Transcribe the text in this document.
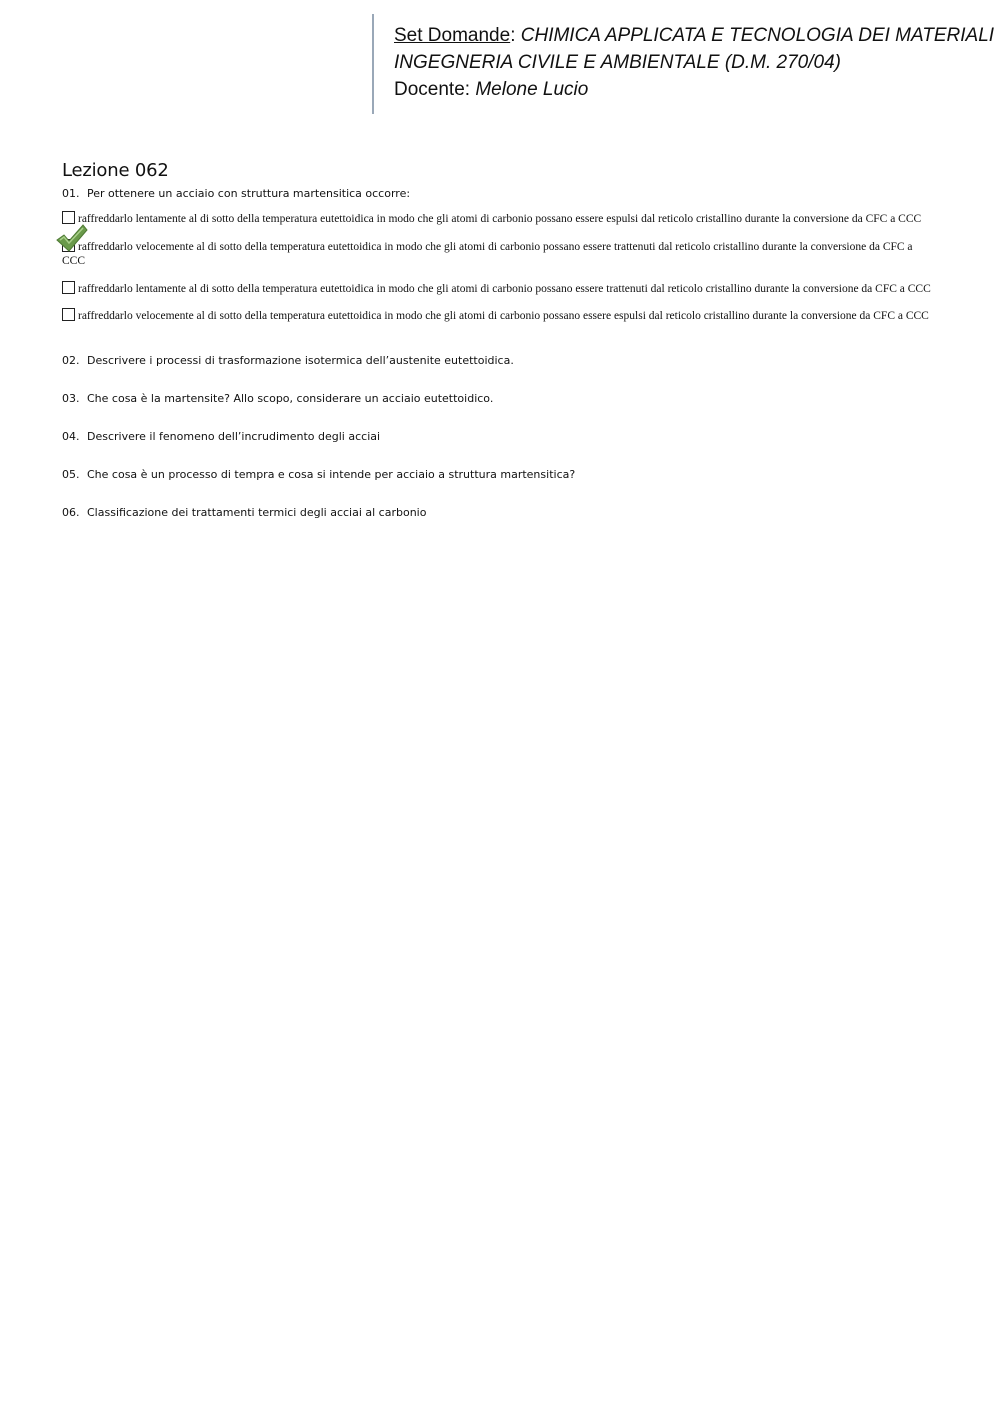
Set Domande: CHIMICA APPLICATA E TECNOLOGIA DEI MATERIALI
INGEGNERIA CIVILE E AMBIENTALE (D.M. 270/04)
Docente: Melone Lucio
Lezione 062
01. Per ottenere un acciaio con struttura martensitica occorre:
raffreddarlo lentamente al di sotto della temperatura eutettoidica in modo che gli atomi di carbonio possano essere espulsi dal reticolo cristallino durante la conversione da CFC a CCC
raffreddarlo velocemente al di sotto della temperatura eutettoidica in modo che gli atomi di carbonio possano essere trattenuti dal reticolo cristallino durante la conversione da CFC a CCC
raffreddarlo lentamente al di sotto della temperatura eutettoidica in modo che gli atomi di carbonio possano essere trattenuti dal reticolo cristallino durante la conversione da CFC a CCC
raffreddarlo velocemente al di sotto della temperatura eutettoidica in modo che gli atomi di carbonio possano essere espulsi dal reticolo cristallino durante la conversione da CFC a CCC
02. Descrivere i processi di trasformazione isotermica dell’austenite eutettoidica.
03. Che cosa è la martensite? Allo scopo, considerare un acciaio eutettoidico.
04. Descrivere il fenomeno dell’incrudimento degli acciai
05. Che cosa è un processo di tempra e cosa si intende per acciaio a struttura martensitica?
06. Classificazione dei trattamenti termici degli acciai al carbonio
